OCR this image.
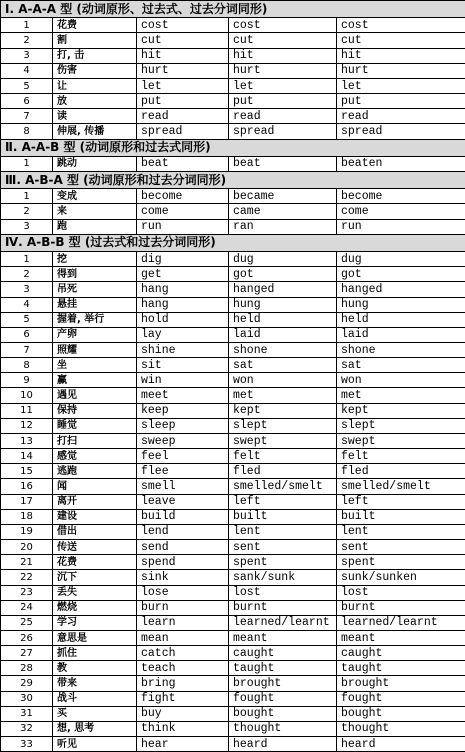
Ⅰ. A-A-A 型 (动词原形、过去式、过去分词同形)				
1	花费	cost	cost	cost
2	割	cut	cut	cut
3	打, 击	hit	hit	hit
4	伤害	hurt	hurt	hurt
5	让	let	let	let
6	放	put	put	put
7	读	read	read	read
8	伸展, 传播	spread	spread	spread
Ⅱ. A-A-B 型 (动词原形和过去式同形)				
1	跳动	beat	beat	beaten
Ⅲ. A-B-A 型 (动词原形和过去分词同形)				
1	变成	become	became	become
2	来	come	came	come
3	跑	run	ran	run
Ⅳ. A-B-B 型 (过去式和过去分词同形)				
1	挖	dig	dug	dug
2	得到	get	got	got
3	吊死	hang	hanged	hanged
4	悬挂	hang	hung	hung
5	握着, 举行	hold	held	held
6	产卵	lay	laid	laid
7	照耀	shine	shone	shone
8	坐	sit	sat	sat
9	赢	win	won	won
10	遇见	meet	met	met
11	保持	keep	kept	kept
12	睡觉	sleep	slept	slept
13	打扫	sweep	swept	swept
14	感觉	feel	felt	felt
15	逃跑	flee	fled	fled
16	闻	smell	smelled/smelt	smelled/smelt
17	离开	leave	left	left
18	建设	build	built	built
19	借出	lend	lent	lent
20	传送	send	sent	sent
21	花费	spend	spent	spent
22	沉下	sink	sank/sunk	sunk/sunken
23	丢失	lose	lost	lost
24	燃烧	burn	burnt	burnt
25	学习	learn	learned/learnt	learned/learnt
26	意思是	mean	meant	meant
27	抓住	catch	caught	caught
28	教	teach	taught	taught
29	带来	bring	brought	brought
30	战斗	fight	fought	fought
31	买	buy	bought	bought
32	想, 思考	think	thought	thought
33	听见	hear	heard	heard
